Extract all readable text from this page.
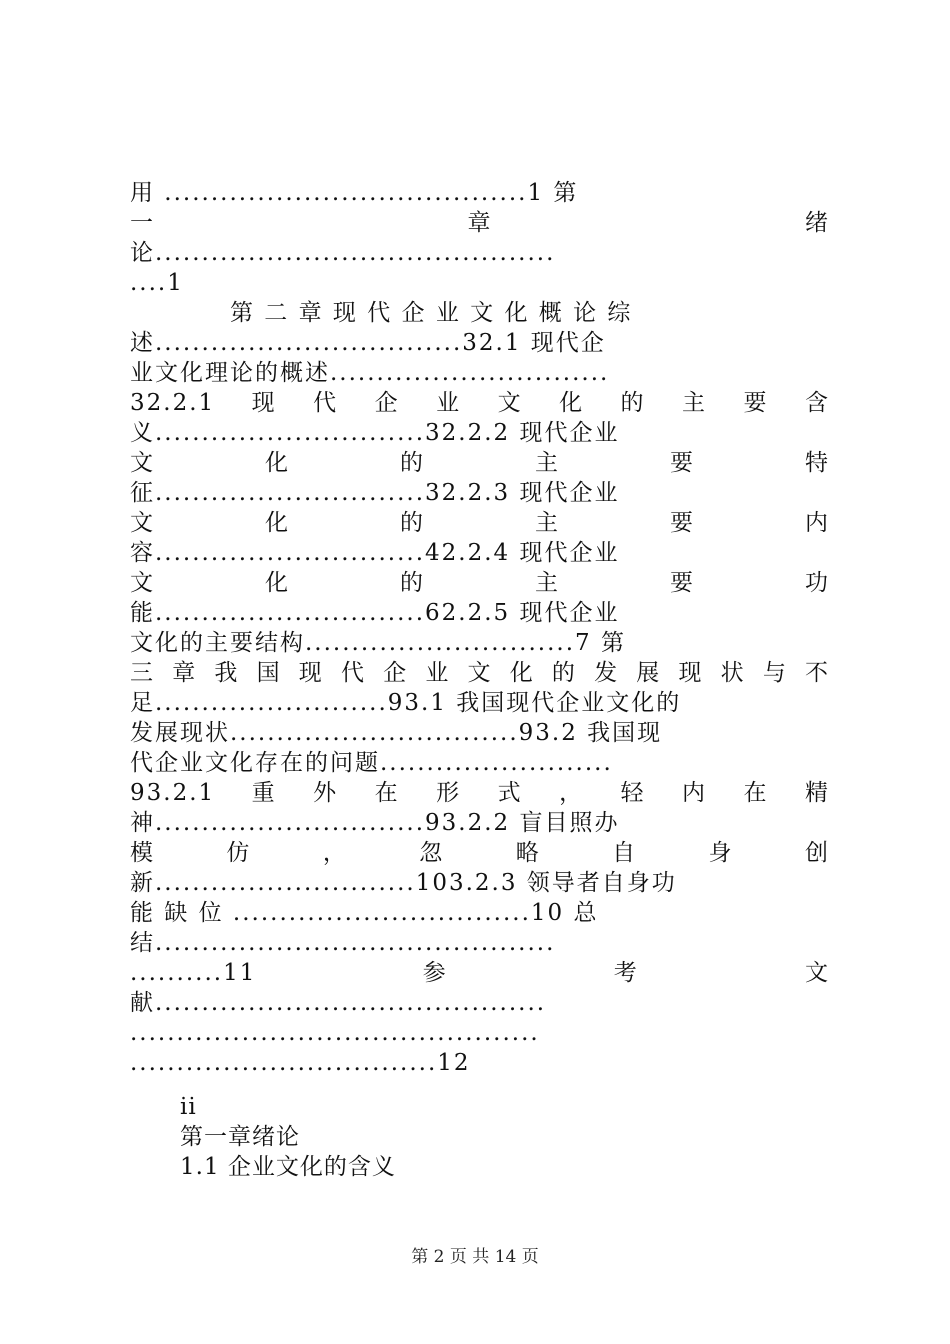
用 .......................................1 第
一	章	绪
论...........................................
....1
　　　　第 二 章 现 代 企 业 文 化 概 论 综
述.................................32.1 现代企
业文化理论的概述..............................
32.2.1 现 代 企 业 文 化 的 主 要 含
义.............................32.2.2 现代企业
文	化	的	主	要	特
征.............................32.2.3 现代企业
文	化	的	主	要	内
容.............................42.2.4 现代企业
文	化	的	主	要	功
能.............................62.2.5 现代企业
文化的主要结构.............................7 第
三 章 我 国 现 代 企 业 文 化 的 发 展 现 状 与 不
足.........................93.1 我国现代企业文化的
发展现状...............................93.2 我国现
代企业文化存在的问题.........................
93.2.1 重 外 在 形 式 ， 轻 内 在 精
神.............................93.2.2 盲目照办
模	仿	，	忽	略	自	身	创
新............................103.2.3 领导者自身功
能 缺 位 ................................10 总
结...........................................
..........11	参	考	文
献..........................................
............................................
.................................12
ii
第一章绪论
1.1 企业文化的含义
第 2 页 共 14 页
